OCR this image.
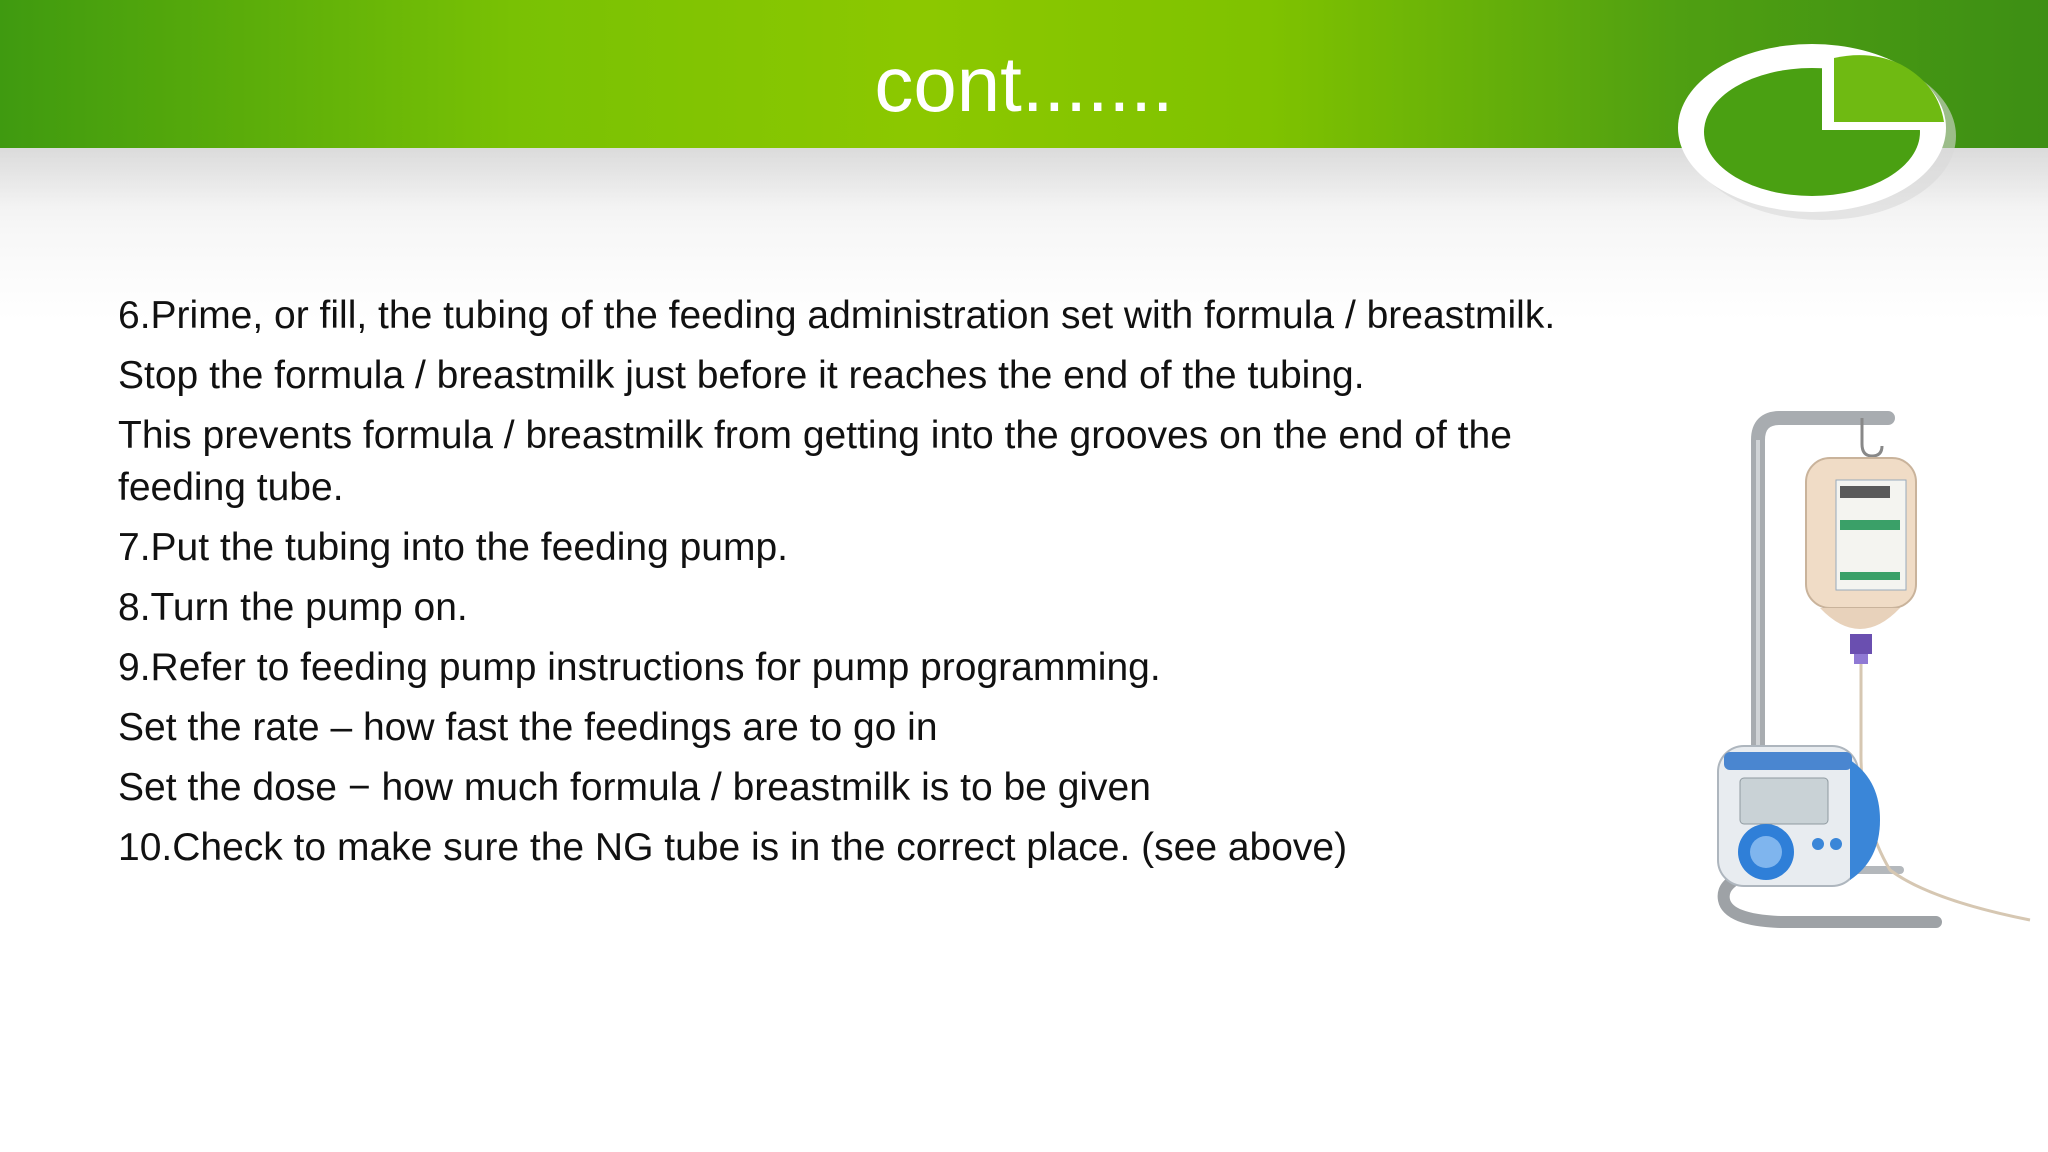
cont.......

6.Prime, or fill, the tubing of the feeding administration set with formula / breastmilk.

Stop the formula / breastmilk just before it reaches the end of the tubing.

This prevents formula / breastmilk from getting into the grooves on the end of the feeding tube.

7.Put the tubing into the feeding pump.

8.Turn the pump on.

9.Refer to feeding pump instructions for pump programming.

Set the rate – how fast the feedings are to go in

Set the dose − how much formula / breastmilk is to be given

10.Check to make sure the NG tube is in the correct place. (see above)
